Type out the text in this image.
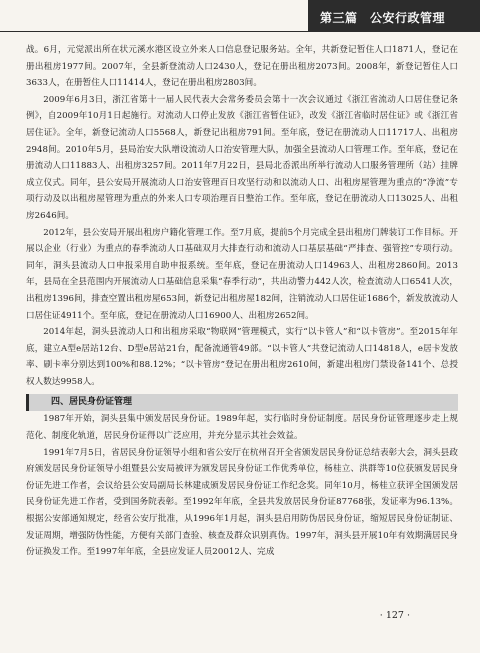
第三篇　公安行政管理

战。6月，元觉派出所在状元溪水港区设立外来人口信息登记服务站。全年，共新登记暂住人口1871人，登记在册出租房1977间。2007年，全县新登流动人口2430人，登记在册出租房2073间。2008年，新登记暂住人口3633人，在册暂住人口11414人，登记在册出租房2803间。

2009年6月3日，浙江省第十一届人民代表大会常务委员会第十一次会议通过《浙江省流动人口居住登记条例》，自2009年10月1日起施行。对流动人口停止发放《浙江省暂住证》，改发《浙江省临时居住证》或《浙江省居住证》。全年，新登记流动人口5568人，新登记出租房791间。至年底，登记在册流动人口11717人、出租房2948间。2010年5月，县局治安大队增设流动人口治安管理大队，加强全县流动人口管理工作。至年底，登记在册流动人口11883人、出租房3257间。2011年7月22日，县局北岙派出所举行流动人口服务管理所（站）挂牌成立仪式。同年，县公安局开展流动人口治安管理百日攻坚行动和以流动人口、出租房屋管理为重点的“净流”专项行动及以出租房屋管理为重点的外来人口专项治理百日整治工作。至年底，登记在册流动人口13025人、出租房2646间。

2012年，县公安局开展出租房户籍化管理工作。至7月底，提前5个月完成全县出租房门牌装订工作目标。开展以企业（行业）为重点的春季流动人口基础双月大排查行动和流动人口基层基础“严排查、强管控”专项行动。同年，洞头县流动人口申报采用自助申报系统。至年底，登记在册流动人口14963人、出租房2860间。2013年，县局在全县范围内开展流动人口基础信息采集“春季行动”，共出动警力442人次，检查流动人口6541人次，出租房1396间，排查空置出租房屋653间，新登记出租房屋182间，注销流动人口居住证1686个，新发放流动人口居住证4911个。至年底，登记在册流动人口16900人、出租房2652间。

2014年起，洞头县流动人口和出租房采取“物联网”管理模式，实行“以卡管人”和“以卡管房”。至2015年年底，建立A型e居站12台、D型e居站21台，配备流通管49部。“以卡管人”共登记流动人口14818人，e居卡发放率、刷卡率分别达到100%和88.12%；“以卡管房”登记在册出租房2610间，新建出租房门禁设备141个、总授权人数达9958人。

四、居民身份证管理

1987年开始，洞头县集中颁发居民身份证。1989年起，实行临时身份证制度。居民身份证管理逐步走上规范化、制度化轨道，居民身份证得以广泛应用，并充分显示其社会效益。

1991年7月5日，省居民身份证领导小组和省公安厅在杭州召开全省颁发居民身份证总结表彰大会，洞头县政府颁发居民身份证领导小组暨县公安局被评为颁发居民身份证工作优秀单位，杨桂立、洪群等10位获颁发居民身份证先进工作者，会议给县公安局副局长林建成颁发居民身份证工作纪念奖。同年10月，杨桂立获评全国颁发居民身份证先进工作者，受到国务院表彰。至1992年年底，全县共发放居民身份证87768张，发证率为96.13%。根据公安部通知规定，经省公安厅批准，从1996年1月起，洞头县启用防伪居民身份证，缩短居民身份证制证、发证周期，增强防伪性能，方便有关部门查验、核查及群众识别真伪。1997年，洞头县开展10年有效期满居民身份证换发工作。至1997年年底，全县应发证人员20012人、完成

· 127 ·
